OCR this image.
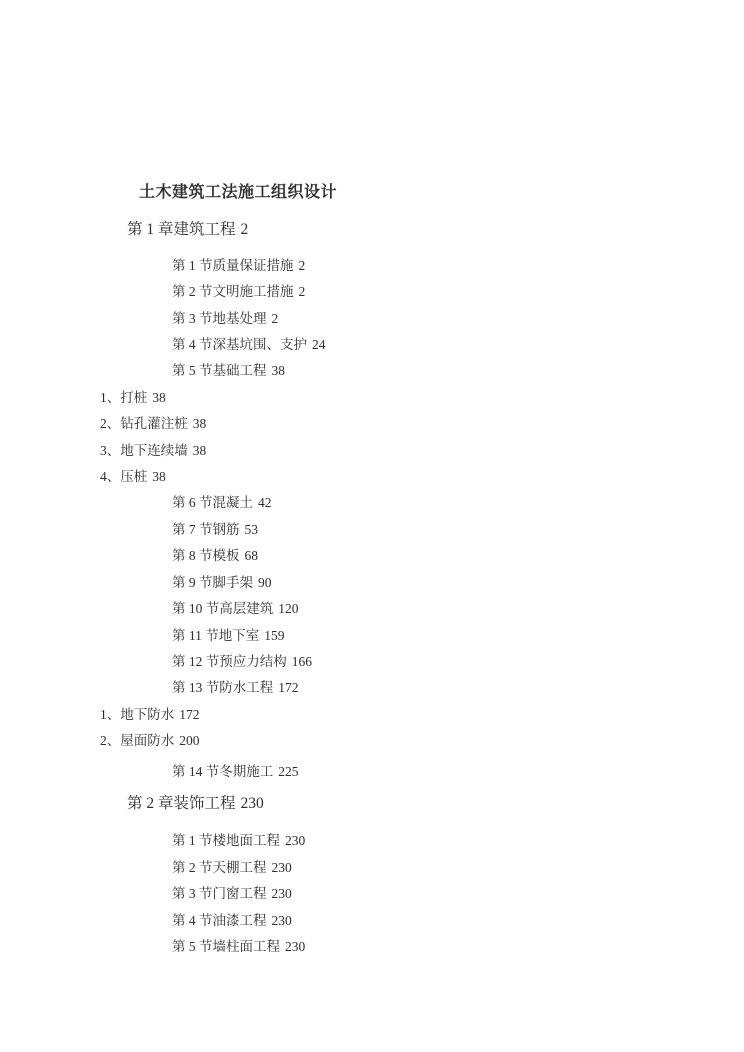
土木建筑工法施工组织设计
第 1 章建筑工程 2
第 1 节质量保证措施 2
第 2 节文明施工措施 2
第 3 节地基处理 2
第 4 节深基坑围、支护 24
第 5 节基础工程 38
1、打桩 38
2、钻孔灌注桩 38
3、地下连续墙 38
4、压桩 38
第 6 节混凝土 42
第 7 节钢筋 53
第 8 节模板 68
第 9 节脚手架 90
第 10 节高层建筑 120
第 11 节地下室 159
第 12 节预应力结构 166
第 13 节防水工程 172
1、地下防水 172
2、屋面防水 200
第 14 节冬期施工 225
第 2 章装饰工程 230
第 1 节楼地面工程 230
第 2 节天棚工程 230
第 3 节门窗工程 230
第 4 节油漆工程 230
第 5 节墙柱面工程 230
